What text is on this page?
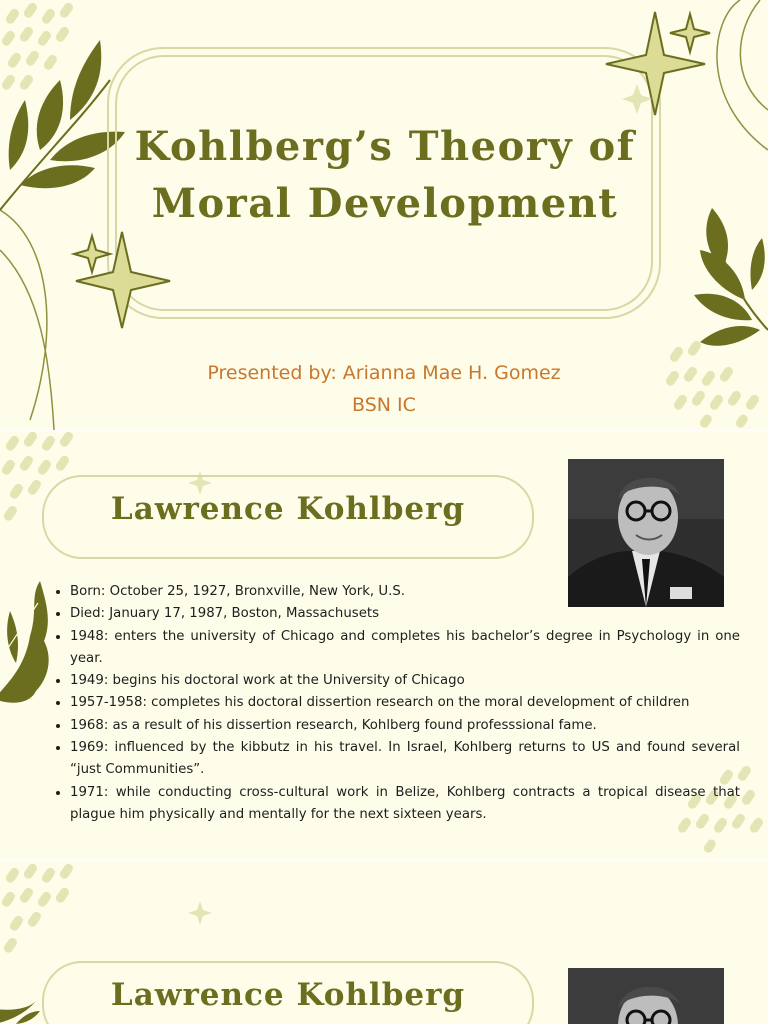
Kohlberg’s Theory of Moral Development
Presented by: Arianna Mae H. Gomez
BSN IC
Lawrence Kohlberg
• Born: October 25, 1927, Bronxville, New York, U.S.
• Died: January 17, 1987, Boston, Massachusets
• 1948: enters the university of Chicago and completes his bachelor’s degree in Psychology in one year.
• 1949: begins his doctoral work at the University of Chicago
• 1957-1958: completes his doctoral dissertion research on the moral development of children
• 1968: as a result of his dissertion research, Kohlberg found professsional fame.
• 1969: influenced by the kibbutz in his travel. In Israel, Kohlberg returns to US and found several “just Communities”.
• 1971: while conducting cross-cultural work in Belize, Kohlberg contracts a tropical disease that plague him physically and mentally for the next sixteen years.
Lawrence Kohlberg
